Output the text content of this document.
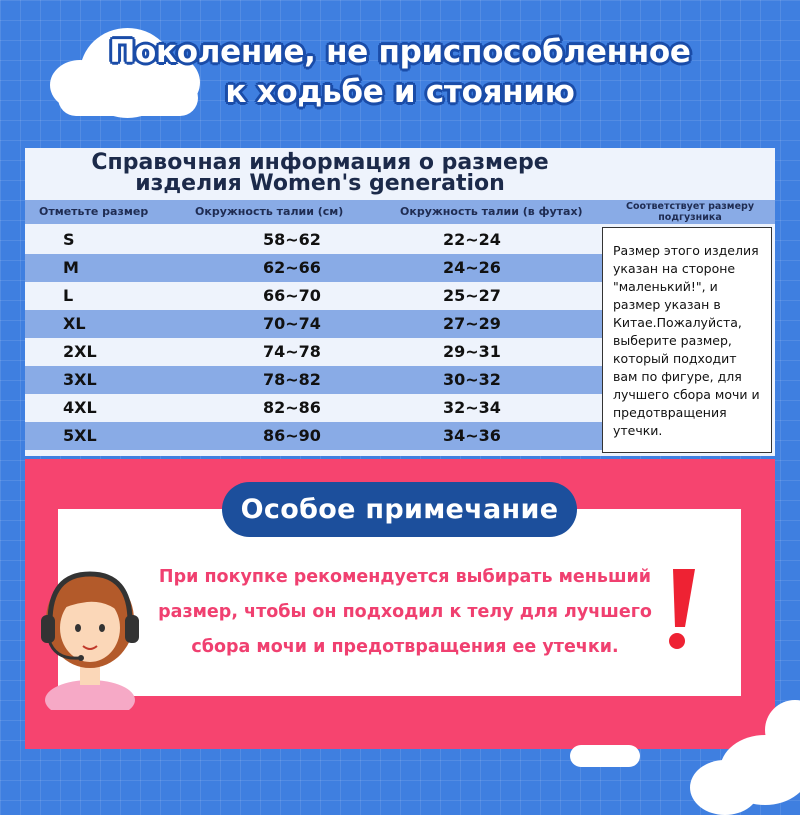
Поколение, не приспособленное
к ходьбе и стоянию
Справочная информация о размере
изделия Women's generation
Отметьте размер	Окружность талии (см)	Окружность талии (в футах)	Соответствует размеру подгузника
S	58~62	22~24
M	62~66	24~26
L	66~70	25~27
XL	70~74	27~29
2XL	74~78	29~31
3XL	78~82	30~32
4XL	82~86	32~34
5XL	86~90	34~36
Размер этого изделия указан на стороне "маленький!", и размер указан в Китае.Пожалуйста, выберите размер, который подходит вам по фигуре, для лучшего сбора мочи и предотвращения утечки.
Особое примечание
При покупке рекомендуется выбирать меньший
размер, чтобы он подходил к телу для лучшего
сбора мочи и предотвращения ее утечки.
